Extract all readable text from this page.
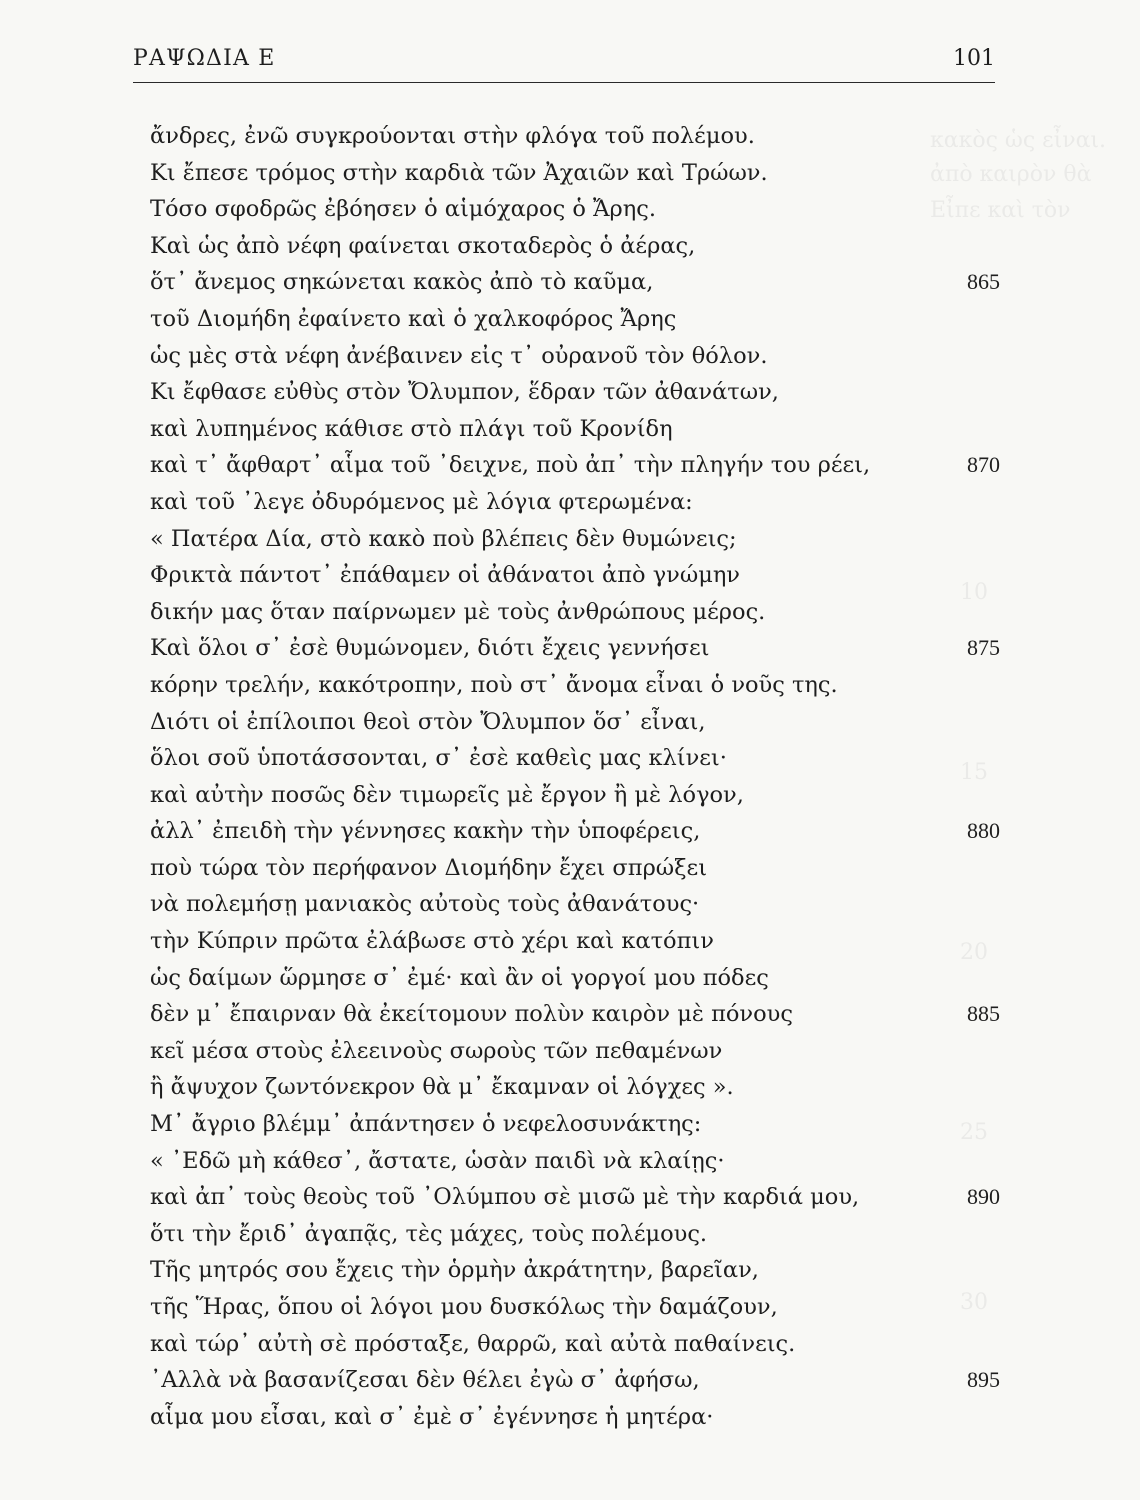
κακὸς ὡς εἶναι.
ἀπὸ καιρὸν θὰ
Εἶπε καὶ τὸν
10
15
20
25
30
ΡΑΨΩΔΙΑ Ε	101
ἄνδρες, ἐνῶ συγκρούονται στὴν φλόγα τοῦ πολέμου.
Κι ἔπεσε τρόμος στὴν καρδιὰ τῶν Ἀχαιῶν καὶ Τρώων.
Τόσο σφοδρῶς ἐβόησεν ὁ αἱμόχαρος ὁ Ἄρης.
Καὶ ὡς ἀπὸ νέφη φαίνεται σκοταδερὸς ὁ ἀέρας,
ὅτ᾽ ἄνεμος σηκώνεται κακὸς ἀπὸ τὸ καῦμα,	865
τοῦ Διομήδη ἐφαίνετο καὶ ὁ χαλκοφόρος Ἄρης
ὡς μὲς στὰ νέφη ἀνέβαινεν εἰς τ᾽ οὐρανοῦ τὸν θόλον.
Κι ἔφθασε εὐθὺς στὸν Ὄλυμπον, ἕδραν τῶν ἀθανάτων,
καὶ λυπημένος κάθισε στὸ πλάγι τοῦ Κρονίδη
καὶ τ᾽ ἄφθαρτ᾽ αἷμα τοῦ ᾽δειχνε, ποὺ ἀπ᾽ τὴν πληγήν του ρέει,	870
καὶ τοῦ ᾽λεγε ὀδυρόμενος μὲ λόγια φτερωμένα:
« Πατέρα Δία, στὸ κακὸ ποὺ βλέπεις δὲν θυμώνεις;
Φρικτὰ πάντοτ᾽ ἐπάθαμεν οἱ ἀθάνατοι ἀπὸ γνώμην
δικήν μας ὅταν παίρνωμεν μὲ τοὺς ἀνθρώπους μέρος.
Καὶ ὅλοι σ᾽ ἐσὲ θυμώνομεν, διότι ἔχεις γεννήσει	875
κόρην τρελήν, κακότροπην, ποὺ στ᾽ ἄνομα εἶναι ὁ νοῦς της.
Διότι οἱ ἐπίλοιποι θεοὶ στὸν Ὄλυμπον ὅσ᾽ εἶναι,
ὅλοι σοῦ ὑποτάσσονται, σ᾽ ἐσὲ καθεὶς μας κλίνει·
καὶ αὐτὴν ποσῶς δὲν τιμωρεῖς μὲ ἔργον ἢ μὲ λόγον,
ἀλλ᾽ ἐπειδὴ τὴν γέννησες κακὴν τὴν ὑποφέρεις,	880
ποὺ τώρα τὸν περήφανον Διομήδην ἔχει σπρώξει
νὰ πολεμήσῃ μανιακὸς αὐτοὺς τοὺς ἀθανάτους·
τὴν Κύπριν πρῶτα ἐλάβωσε στὸ χέρι καὶ κατόπιν
ὡς δαίμων ὥρμησε σ᾽ ἐμέ· καὶ ἂν οἱ γοργοί μου πόδες
δὲν μ᾽ ἔπαιρναν θὰ ἐκείτομουν πολὺν καιρὸν μὲ πόνους	885
κεῖ μέσα στοὺς ἐλεεινοὺς σωροὺς τῶν πεθαμένων
ἢ ἄψυχον ζωντόνεκρον θὰ μ᾽ ἔκαμναν οἱ λόγχες ».
Μ᾽ ἄγριο βλέμμ᾽ ἀπάντησεν ὁ νεφελοσυνάκτης:
« ᾽Εδῶ μὴ κάθεσ᾽, ἄστατε, ὡσὰν παιδὶ νὰ κλαίῃς·
καὶ ἀπ᾽ τοὺς θεοὺς τοῦ ᾽Ολύμπου σὲ μισῶ μὲ τὴν καρδιά μου,	890
ὅτι τὴν ἔριδ᾽ ἀγαπᾷς, τὲς μάχες, τοὺς πολέμους.
Τῆς μητρός σου ἔχεις τὴν ὁρμὴν ἀκράτητην, βαρεῖαν,
τῆς Ἥρας, ὅπου οἱ λόγοι μου δυσκόλως τὴν δαμάζουν,
καὶ τώρ᾽ αὐτὴ σὲ πρόσταξε, θαρρῶ, καὶ αὐτὰ παθαίνεις.
᾽Αλλὰ νὰ βασανίζεσαι δὲν θέλει ἐγὼ σ᾽ ἀφήσω,	895
αἷμα μου εἶσαι, καὶ σ᾽ ἐμὲ σ᾽ ἐγέννησε ἡ μητέρα·
